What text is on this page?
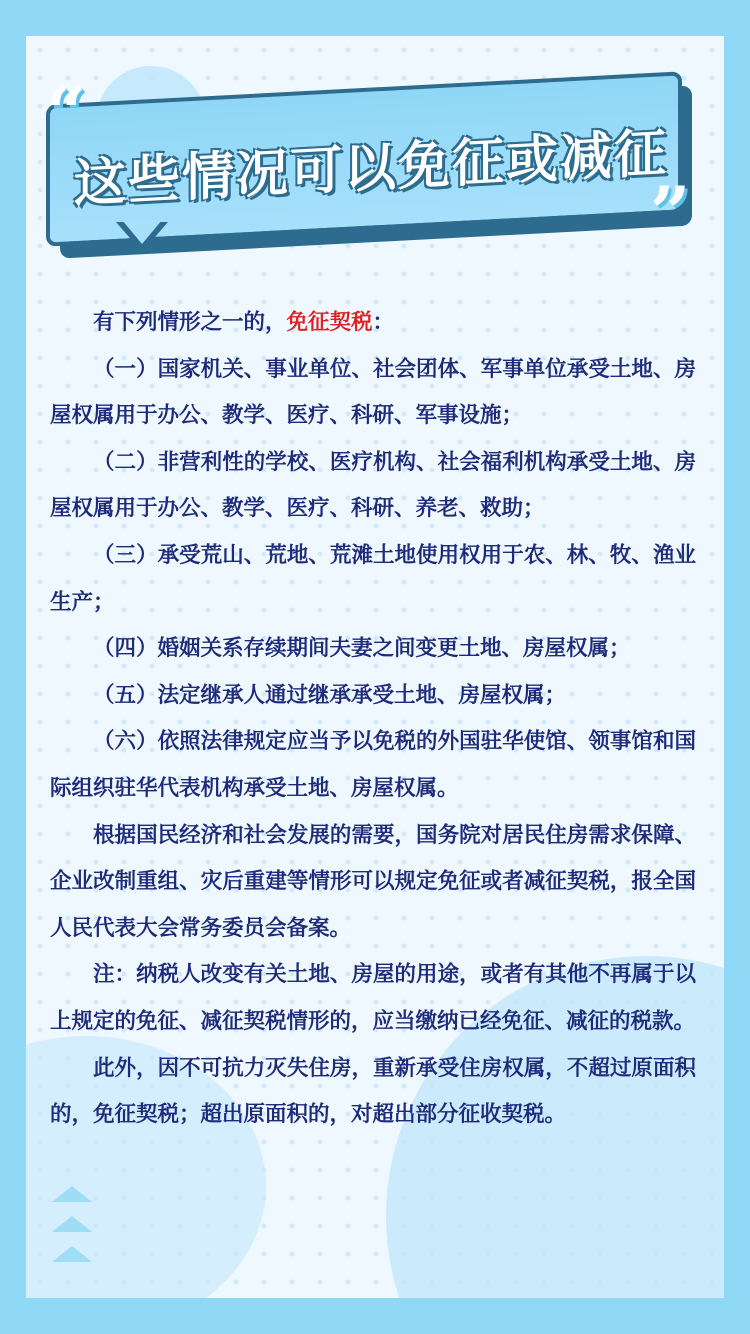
这些情况可以免征或减征
“
”

有下列情形之一的，免征契税：

（一）国家机关、事业单位、社会团体、军事单位承受土地、房屋权属用于办公、教学、医疗、科研、军事设施；

（二）非营利性的学校、医疗机构、社会福利机构承受土地、房屋权属用于办公、教学、医疗、科研、养老、救助；

（三）承受荒山、荒地、荒滩土地使用权用于农、林、牧、渔业生产；

（四）婚姻关系存续期间夫妻之间变更土地、房屋权属；

（五）法定继承人通过继承承受土地、房屋权属；

（六）依照法律规定应当予以免税的外国驻华使馆、领事馆和国际组织驻华代表机构承受土地、房屋权属。

根据国民经济和社会发展的需要，国务院对居民住房需求保障、企业改制重组、灾后重建等情形可以规定免征或者减征契税，报全国人民代表大会常务委员会备案。

注：纳税人改变有关土地、房屋的用途，或者有其他不再属于以上规定的免征、减征契税情形的，应当缴纳已经免征、减征的税款。

此外，因不可抗力灭失住房，重新承受住房权属，不超过原面积的，免征契税；超出原面积的，对超出部分征收契税。
